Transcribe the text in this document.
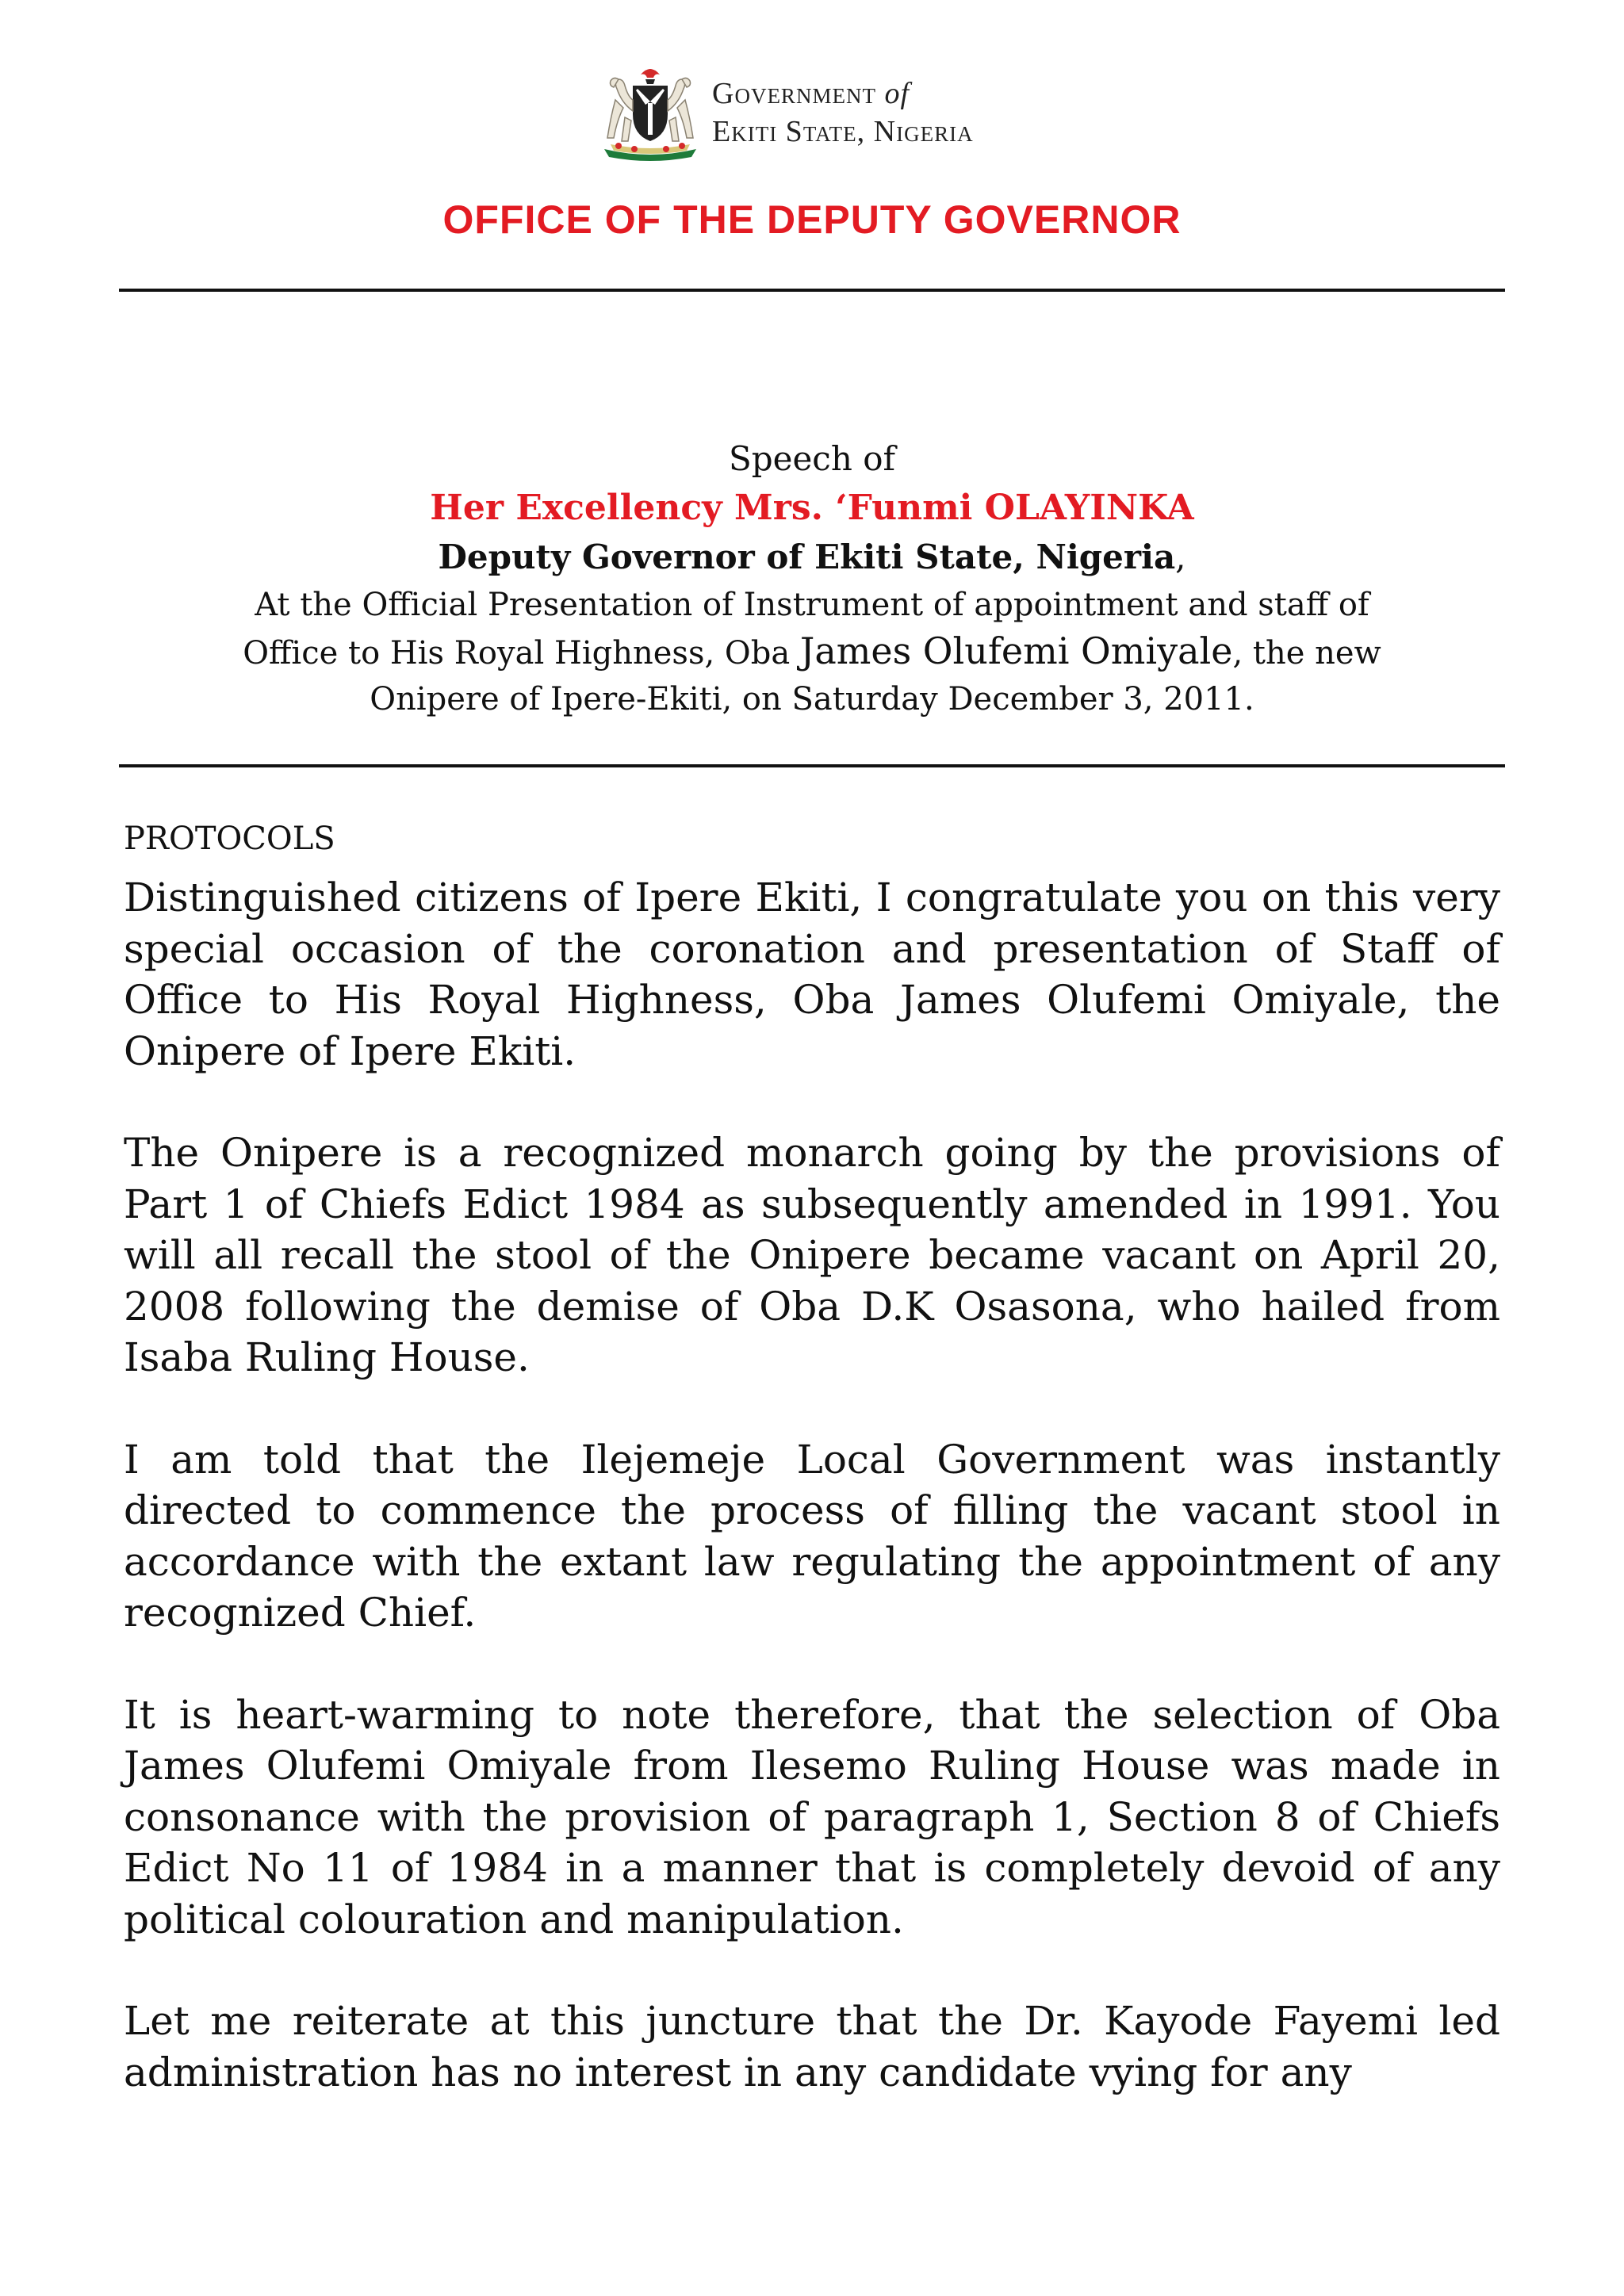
Government of
Ekiti State, Nigeria
OFFICE OF THE DEPUTY GOVERNOR
Speech of
Her Excellency Mrs. ‘Funmi OLAYINKA
Deputy Governor of Ekiti State, Nigeria,
At the Official Presentation of Instrument of appointment and staff of
Office to His Royal Highness, Oba James Olufemi Omiyale, the new
Onipere of Ipere-Ekiti, on Saturday December 3, 2011.
PROTOCOLS

Distinguished citizens of Ipere Ekiti, I congratulate you on this very special occasion of the coronation and presentation of Staff of Office to His Royal Highness, Oba James Olufemi Omiyale, the Onipere of Ipere Ekiti.

The Onipere is a recognized monarch going by the provisions of Part 1 of Chiefs Edict 1984 as subsequently amended in 1991. You will all recall the stool of the Onipere became vacant on April 20, 2008 following the demise of Oba D.K Osasona, who hailed from Isaba Ruling House.

I am told that the Ilejemeje Local Government was instantly directed to commence the process of filling the vacant stool in accordance with the extant law regulating the appointment of any recognized Chief.

It is heart-warming to note therefore, that the selection of Oba James Olufemi Omiyale from Ilesemo Ruling House was made in consonance with the provision of paragraph 1, Section 8 of Chiefs Edict No 11 of 1984 in a manner that is completely devoid of any political colouration and manipulation.

Let me reiterate at this juncture that the Dr. Kayode Fayemi led administration has no interest in any candidate vying for any
